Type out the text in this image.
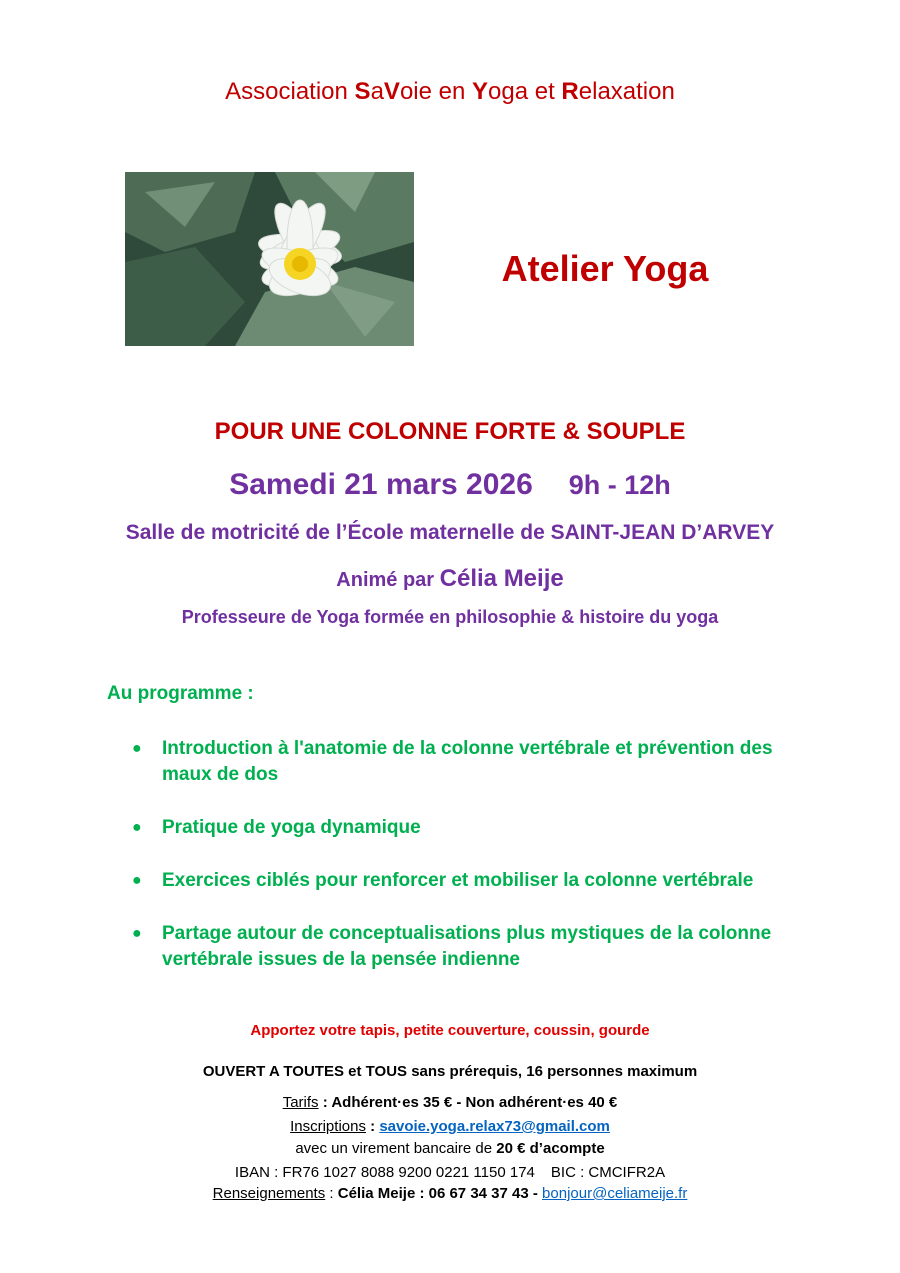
Association SaVoie en Yoga et Relaxation
Atelier Yoga
POUR UNE COLONNE FORTE & SOUPLE
Samedi 21 mars 2026 9h - 12h
Salle de motricité de l’École maternelle de SAINT-JEAN D’ARVEY
Animé par Célia Meije
Professeure de Yoga formée en philosophie & histoire du yoga
Au programme :
● Introduction à l'anatomie de la colonne vertébrale et prévention des maux de dos
● Pratique de yoga dynamique
● Exercices ciblés pour renforcer et mobiliser la colonne vertébrale
● Partage autour de conceptualisations plus mystiques de la colonne vertébrale issues de la pensée indienne
Apportez votre tapis, petite couverture, coussin, gourde
OUVERT A TOUTES et TOUS sans prérequis, 16 personnes maximum
Tarifs : Adhérent·es 35 € - Non adhérent·es 40 €
Inscriptions : savoie.yoga.relax73@gmail.com
avec un virement bancaire de 20 € d’acompte
IBAN : FR76 1027 8088 9200 0221 1150 174 BIC : CMCIFR2A
Renseignements : Célia Meije : 06 67 34 37 43 - bonjour@celiameije.fr
